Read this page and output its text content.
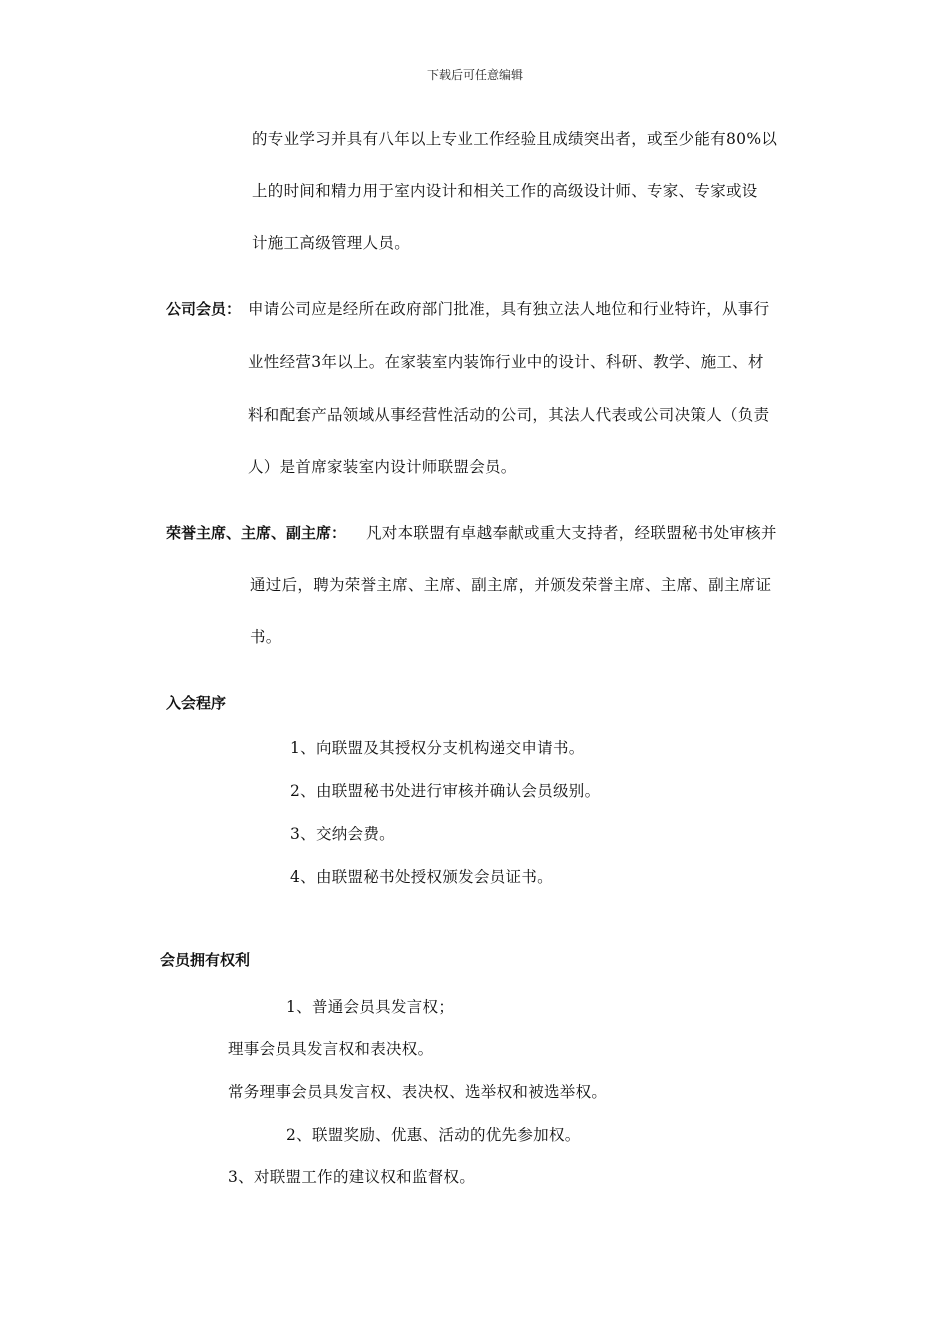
下载后可任意编辑
的专业学习并具有八年以上专业工作经验且成绩突出者，或至少能有80%以
上的时间和精力用于室内设计和相关工作的高级设计师、专家、专家或设
计施工高级管理人员。
公司会员： 申请公司应是经所在政府部门批准，具有独立法人地位和行业特许，从事行
业性经营3年以上。在家装室内装饰行业中的设计、科研、教学、施工、材
料和配套产品领域从事经营性活动的公司，其法人代表或公司决策人（负责
人）是首席家装室内设计师联盟会员。
荣誉主席、主席、副主席： 凡对本联盟有卓越奉献或重大支持者，经联盟秘书处审核并
通过后，聘为荣誉主席、主席、副主席，并颁发荣誉主席、主席、副主席证
书。
入会程序
1、向联盟及其授权分支机构递交申请书。
2、由联盟秘书处进行审核并确认会员级别。
3、交纳会费。
4、由联盟秘书处授权颁发会员证书。
会员拥有权利
1、普通会员具发言权；
理事会员具发言权和表决权。
常务理事会员具发言权、表决权、选举权和被选举权。
2、联盟奖励、优惠、活动的优先参加权。
3、对联盟工作的建议权和监督权。
